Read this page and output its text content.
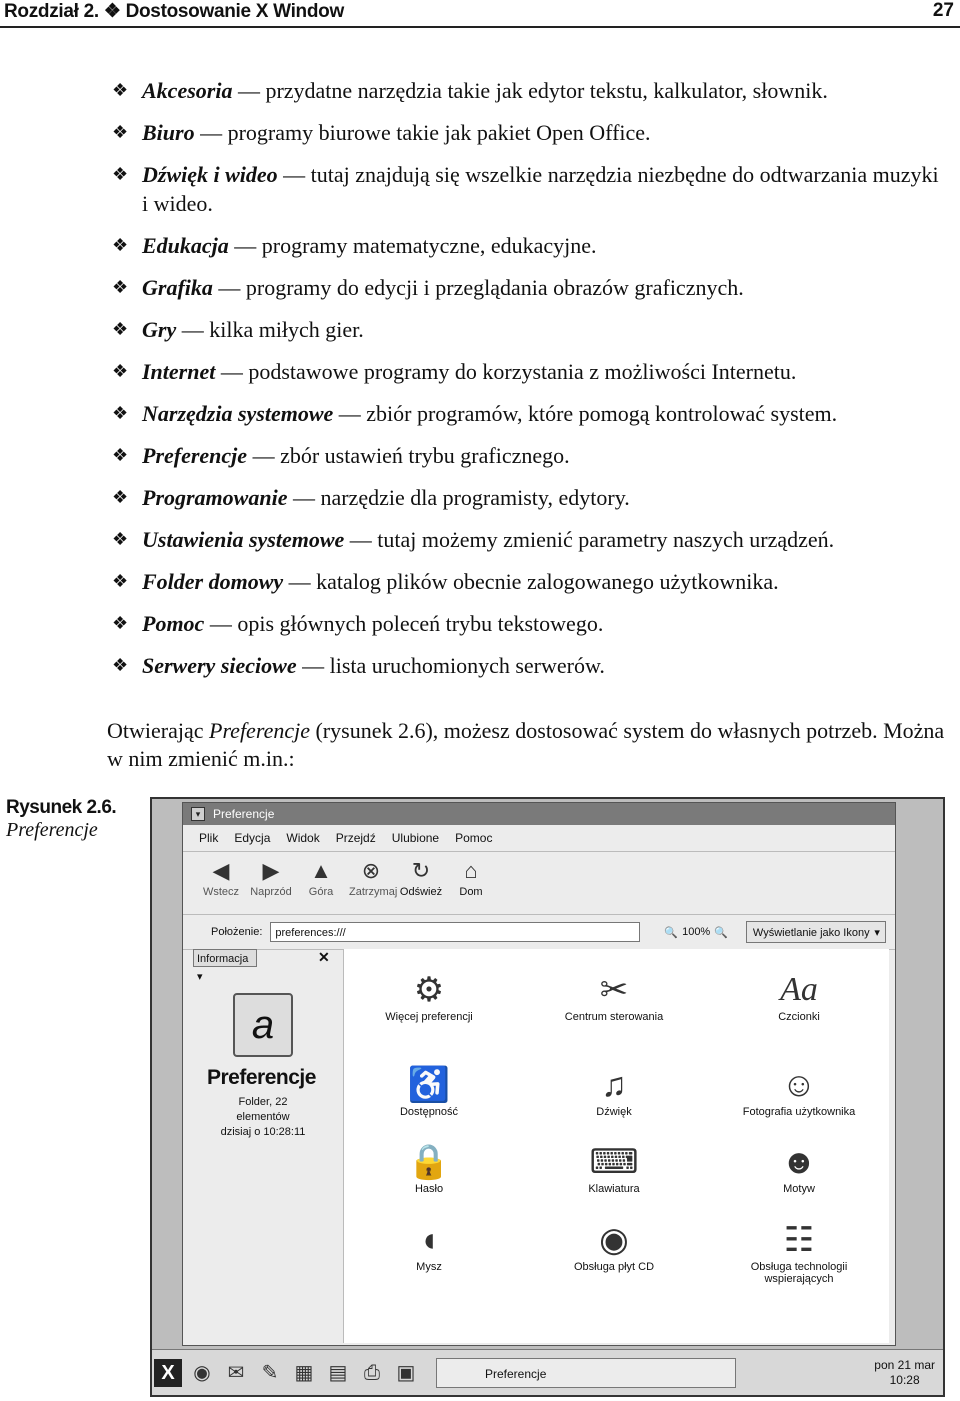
Rozdział 2. ❖ Dostosowanie X Window	27
❖ Akcesoria — przydatne narzędzia takie jak edytor tekstu, kalkulator, słownik.
❖ Biuro — programy biurowe takie jak pakiet Open Office.
❖ Dźwięk i wideo — tutaj znajdują się wszelkie narzędzia niezbędne do odtwarzania muzyki i wideo.
❖ Edukacja — programy matematyczne, edukacyjne.
❖ Grafika — programy do edycji i przeglądania obrazów graficznych.
❖ Gry — kilka miłych gier.
❖ Internet — podstawowe programy do korzystania z możliwości Internetu.
❖ Narzędzia systemowe — zbiór programów, które pomogą kontrolować system.
❖ Preferencje — zbór ustawień trybu graficznego.
❖ Programowanie — narzędzie dla programisty, edytory.
❖ Ustawienia systemowe — tutaj możemy zmienić parametry naszych urządzeń.
❖ Folder domowy — katalog plików obecnie zalogowanego użytkownika.
❖ Pomoc — opis głównych poleceń trybu tekstowego.
❖ Serwery sieciowe — lista uruchomionych serwerów.
Otwierając Preferencje (rysunek 2.6), możesz dostosować system do własnych potrzeb. Można w nim zmienić m.in.:
Rysunek 2.6.
Preferencje
▾	Preferencje
Plik Edycja Widok Przejdź Ulubione Pomoc
◀
Wstecz
▶
Naprzód
▲
Góra
⊗
Zatrzymaj
↻
Odśwież
⌂
Dom
Położenie:	preferences:///	🔍 100% 🔍	Wyświetlanie jako Ikony ▾
Informacja ▾
✕
a
Preferencje
Folder, 22 elementów
dzisiaj o 10:28:11
⚙
Więcej preferencji
✂
Centrum sterowania
Aa
Czcionki
♿
Dostępność
♫
Dźwięk
☺
Fotografia użytkownika
🔒
Hasło
⌨
Klawiatura
☻
Motyw
◖
Mysz
◉
Obsługa płyt CD
☷
Obsługa technologii wspierających
X ◉ ✉ ✎ ▦ ▤ ⎙ ▣	Preferencje
pon 21 mar
10:28
